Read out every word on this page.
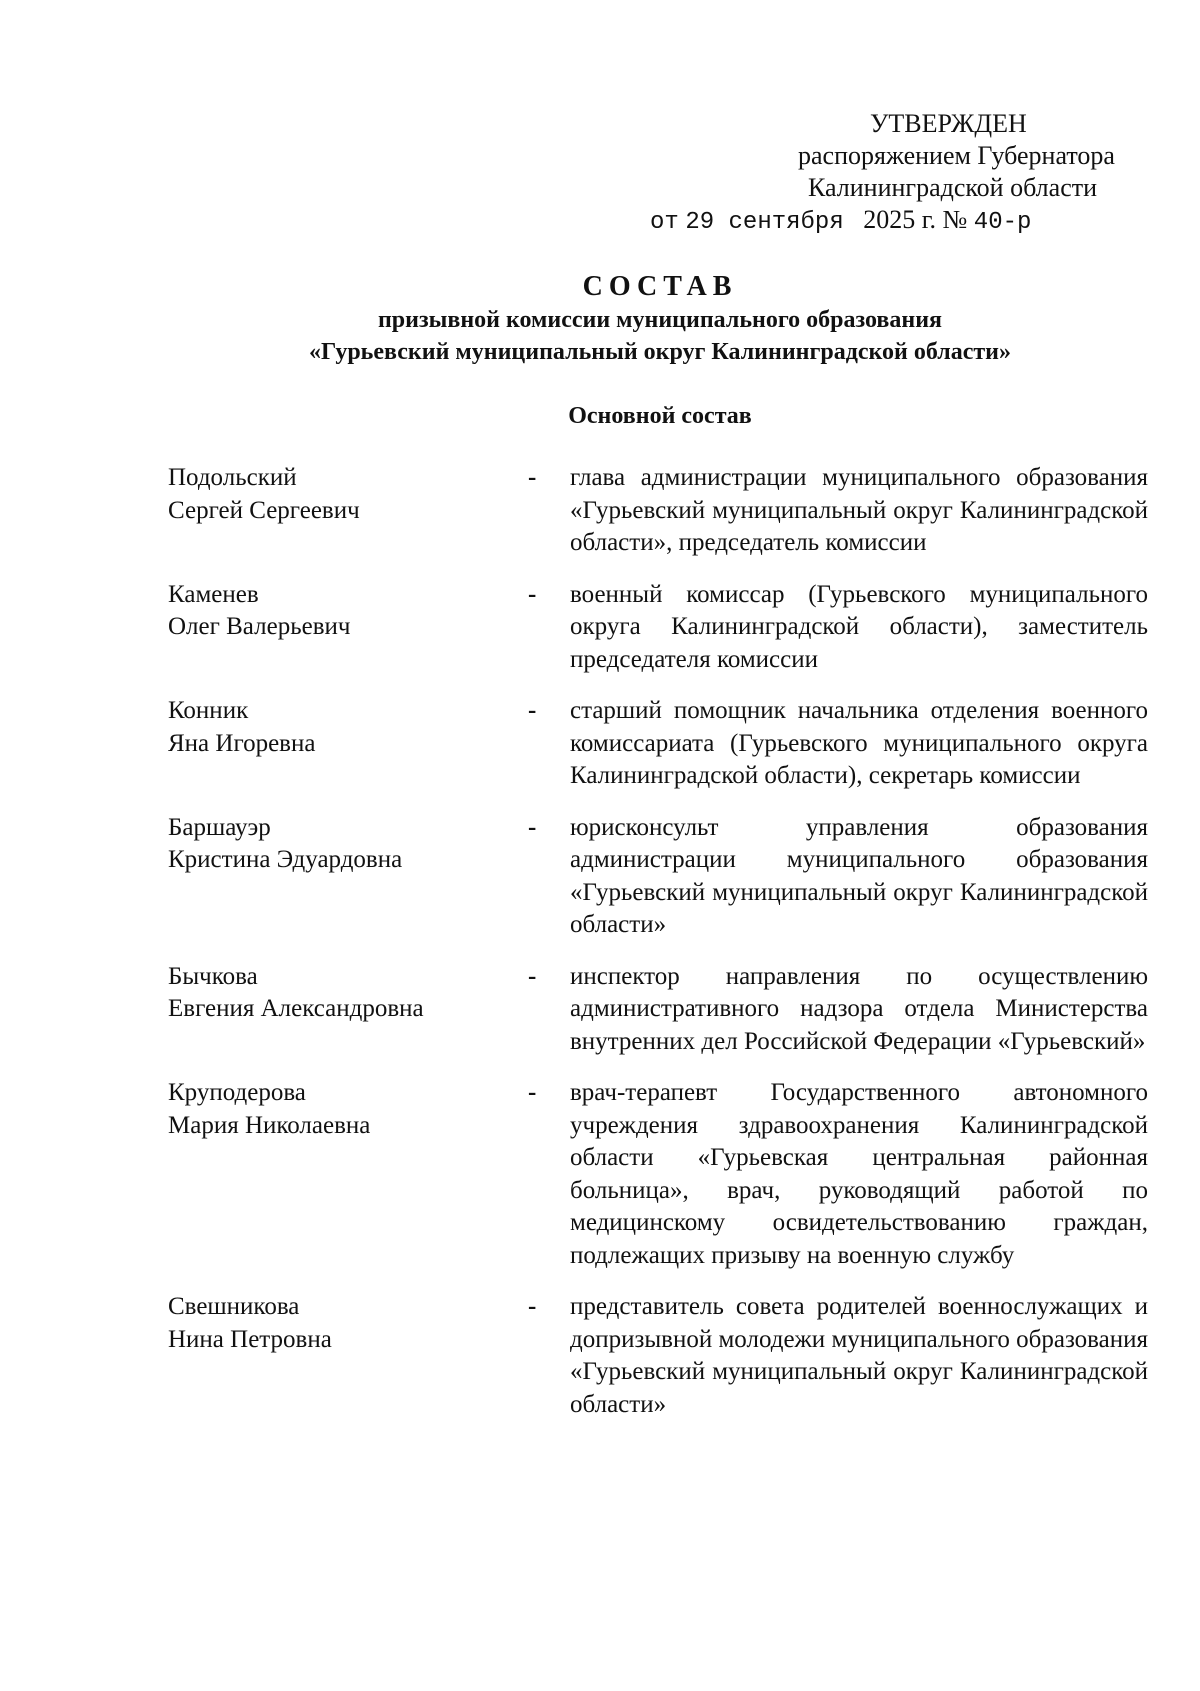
УТВЕРЖДЕН
распоряжением Губернатора
Калининградской области
от 29 сентября 2025 г. № 40-р
СОСТАВ
призывной комиссии муниципального образования
«Гурьевский муниципальный округ Калининградской области»
Основной состав
Подольский
Сергей Сергеевич
-	глава администрации муниципального образования «Гурьевский муниципальный округ Калининградской области», председатель комиссии
Каменев
Олег Валерьевич
-	военный комиссар (Гурьевского муниципального округа Калининградской области), заместитель председателя комиссии
Конник
Яна Игоревна
-	старший помощник начальника отделения военного комиссариата (Гурьевского муниципального округа Калининградской области), секретарь комиссии
Баршауэр
Кристина Эдуардовна
-	юрисконсульт управления образования администрации муниципального образования «Гурьевский муниципальный округ Калининградской области»
Бычкова
Евгения Александровна
-	инспектор направления по осуществлению административного надзора отдела Министерства внутренних дел Российской Федерации «Гурьевский»
Круподерова
Мария Николаевна
-	врач-терапевт Государственного автономного учреждения здравоохранения Калининградской области «Гурьевская центральная районная больница», врач, руководящий работой по медицинскому освидетельствованию граждан, подлежащих призыву на военную службу
Свешникова
Нина Петровна
-	представитель совета родителей военнослужащих и допризывной молодежи муниципального образования «Гурьевский муниципальный округ Калининградской области»
